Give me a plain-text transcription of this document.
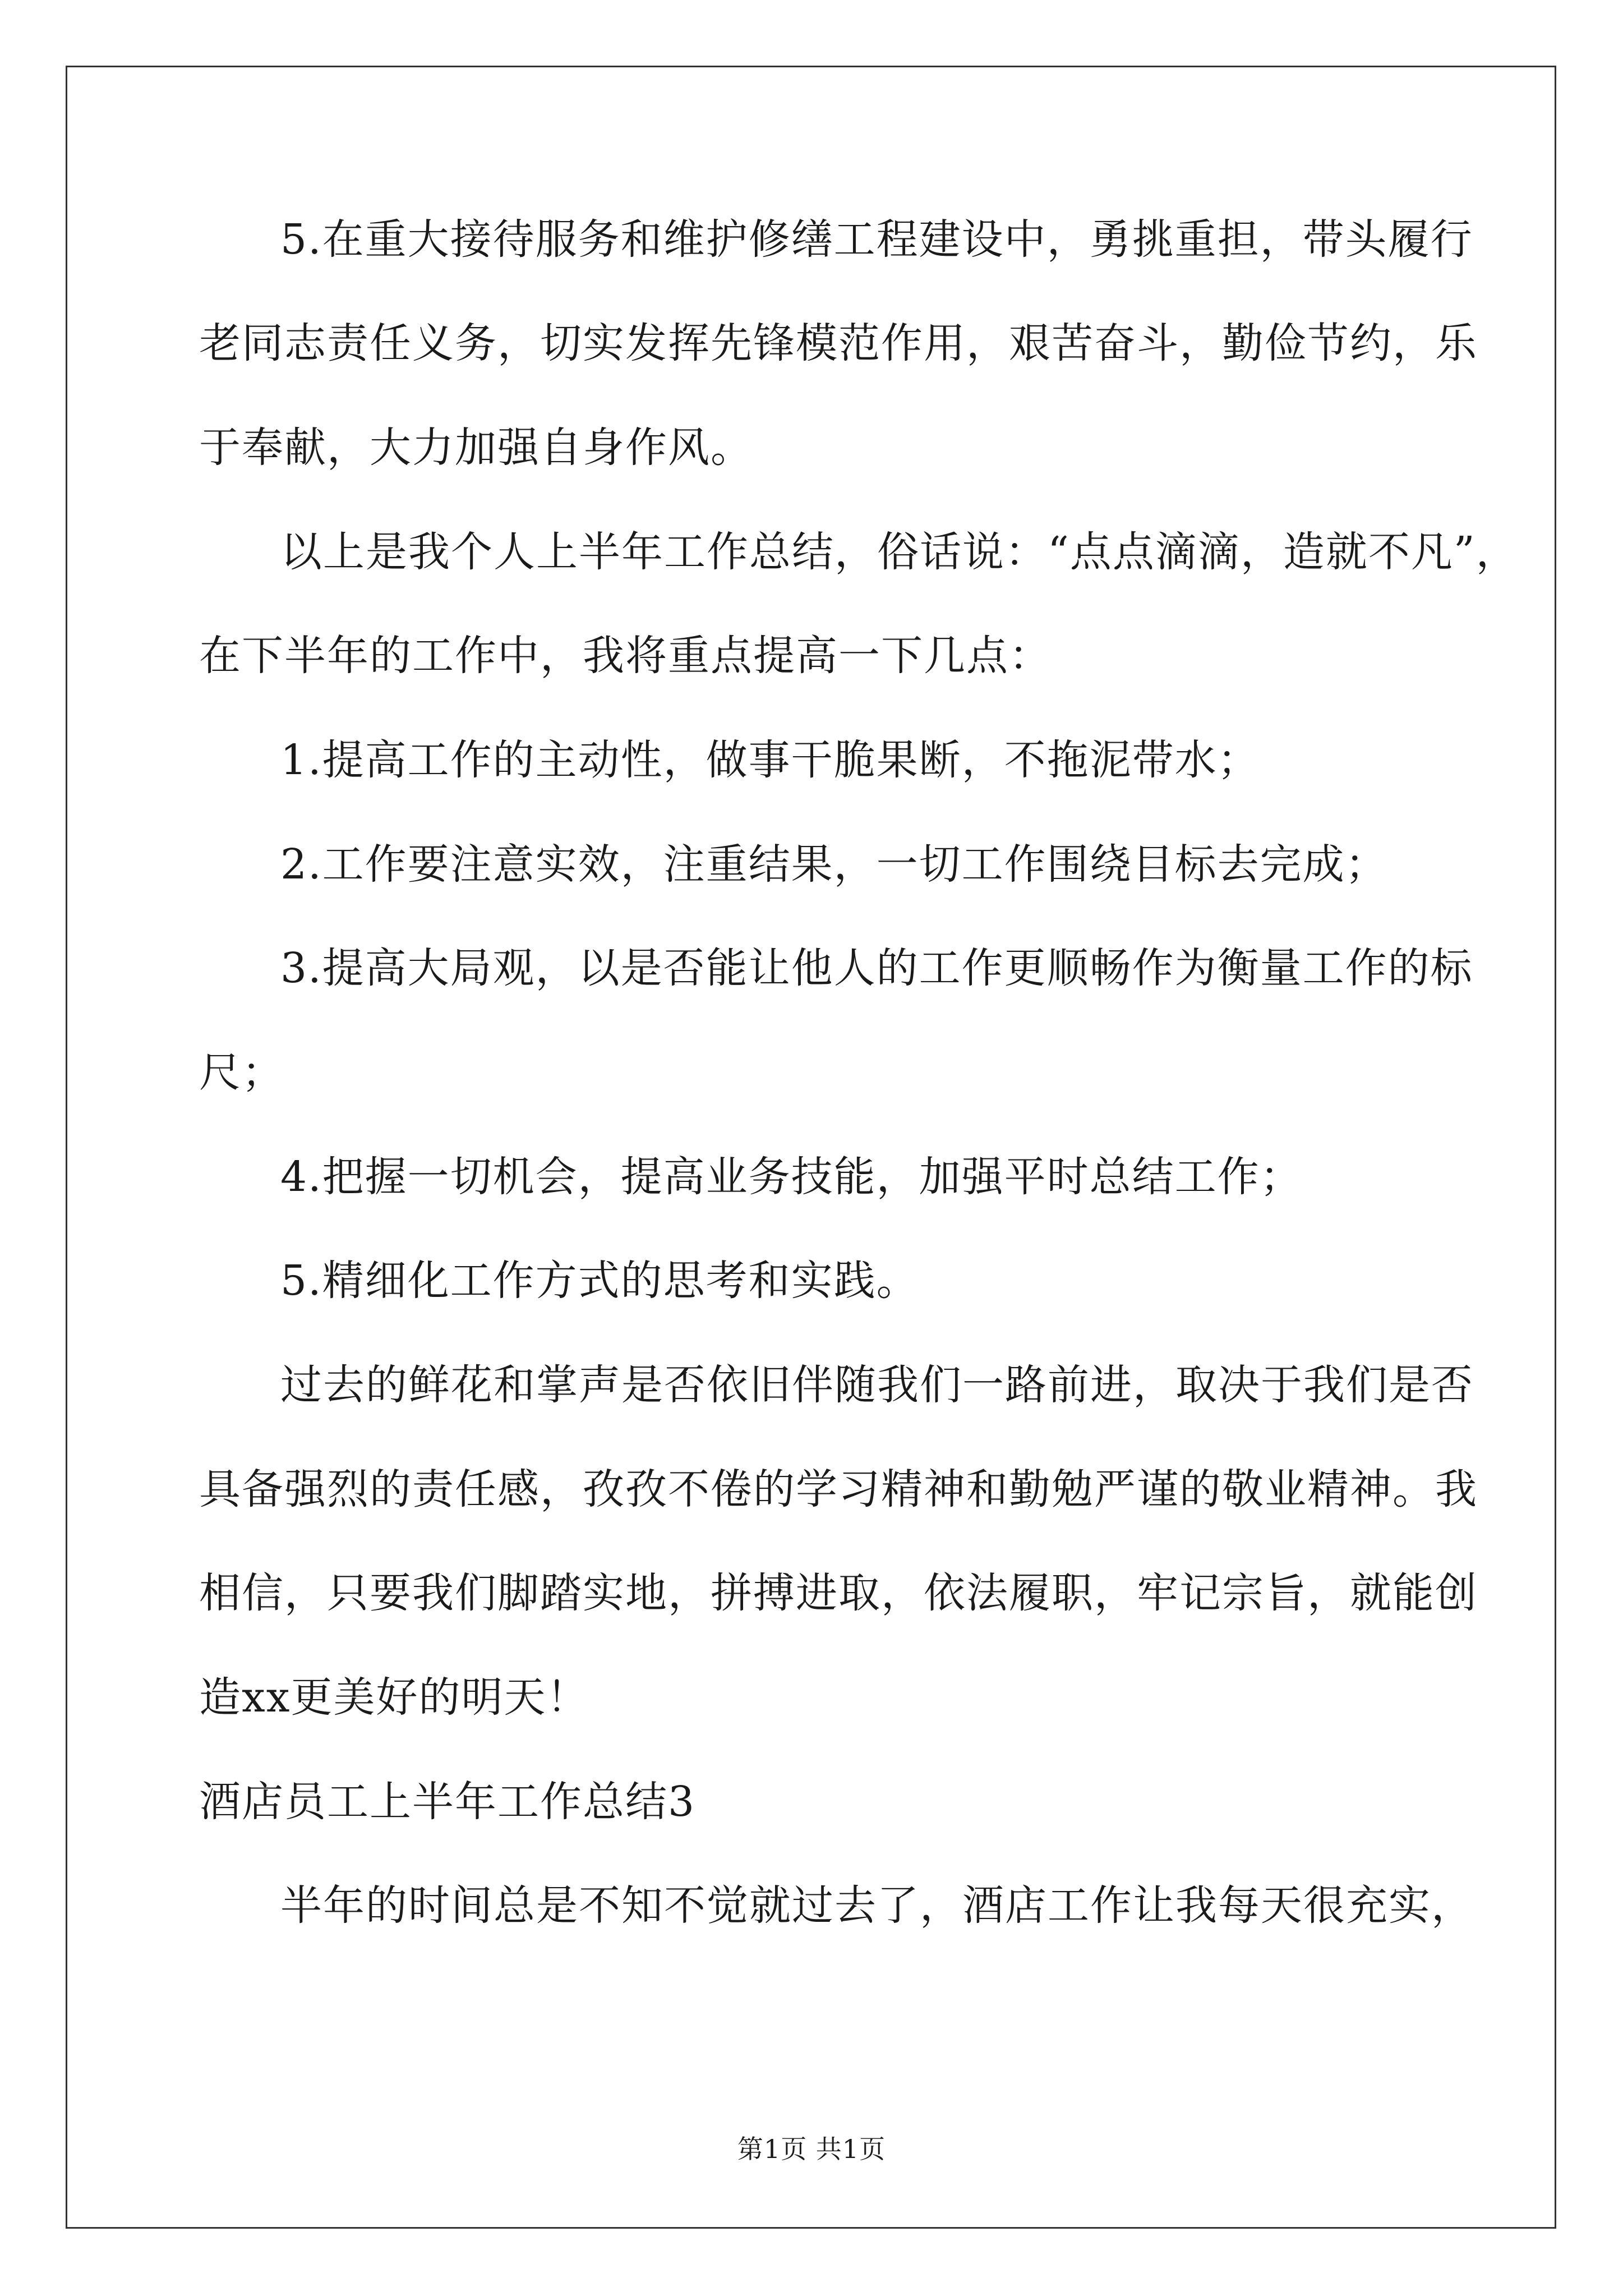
5.在重大接待服务和维护修缮工程建设中，勇挑重担，带头履行
老同志责任义务，切实发挥先锋模范作用，艰苦奋斗，勤俭节约，乐
于奉献，大力加强自身作风。
以上是我个人上半年工作总结，俗话说：“点点滴滴，造就不凡”，
在下半年的工作中，我将重点提高一下几点：
1.提高工作的主动性，做事干脆果断，不拖泥带水；
2.工作要注意实效，注重结果，一切工作围绕目标去完成；
3.提高大局观，以是否能让他人的工作更顺畅作为衡量工作的标
尺；
4.把握一切机会，提高业务技能，加强平时总结工作；
5.精细化工作方式的思考和实践。
过去的鲜花和掌声是否依旧伴随我们一路前进，取决于我们是否
具备强烈的责任感，孜孜不倦的学习精神和勤勉严谨的敬业精神。我
相信，只要我们脚踏实地，拼搏进取，依法履职，牢记宗旨，就能创
造xx更美好的明天！
酒店员工上半年工作总结3
半年的时间总是不知不觉就过去了，酒店工作让我每天很充实，
第1页 共1页
